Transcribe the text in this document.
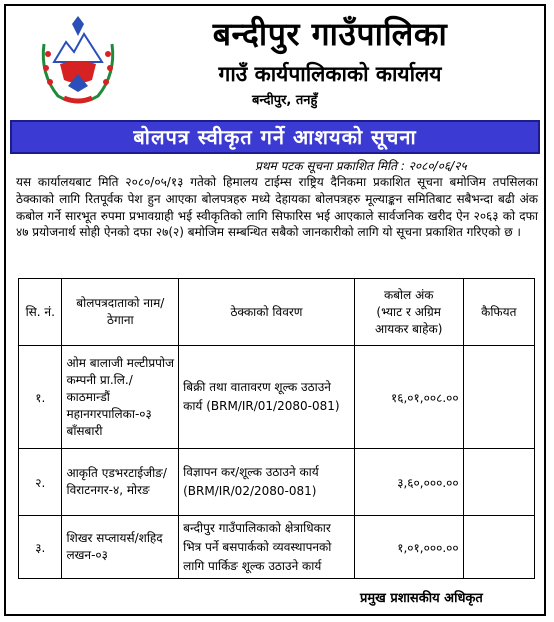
बन्दीपुर गाउँपालिका
गाउँ कार्यपालिकाको कार्यालय
बन्दीपुर, तनहुँ
बोलपत्र स्वीकृत गर्ने आशयको सूचना
प्रथम पटक सूचना प्रकाशित मिति : २०८०/०६/२५
यस कार्यालयबाट मिति २०८०/०५/१३ गतेको हिमालय टाईम्स राष्ट्रिय दैनिकमा प्रकाशित सूचना बमोजिम तपसिलका ठेक्काको लागि रितपूर्वक पेश हुन आएका बोलपत्रहरु मध्ये देहायका बोलपत्रहरु मूल्याङ्कन समितिबाट सबैभन्दा बढी अंक कबोल गर्ने सारभूत रुपमा प्रभावग्राही भई स्वीकृतिको लागि सिफारिस भई आएकाले सार्वजनिक खरीद ऐन २०६३ को दफा ४७ प्रयोजनार्थ सोही ऐनको दफा २७(२) बमोजिम सम्बन्धित सबैको जानकारीको लागि यो सूचना प्रकाशित गरिएको छ ।
सि. नं.	बोलपत्रदाताको नाम/ठेगाना	ठेक्काको विवरण	कबोल अंक
(भ्याट र अग्रिम आयकर बाहेक)	कैफियत
१.	ओम बालाजी मल्टीप्रपोज कम्पनी प्रा.लि./काठमान्डौं महानगरपालिका-०३ बाँसबारी	बिक्री तथा वातावरण शूल्क उठाउने कार्य (BRM/IR/01/2080-081)	१६,०१,००८.००	
२.	आकृति एडभरटाईजीङ/विराटनगर-४, मोरङ	विज्ञापन कर/शूल्क उठाउने कार्य (BRM/IR/02/2080-081)	३,६०,०००.००	
३.	शिखर सप्लायर्स/शहिद लखन-०३	बन्दीपुर गाउँपालिकाको क्षेत्राधिकार भित्र पर्ने बसपार्कको व्यवस्थापनको लागि पार्किङ शूल्क उठाउने कार्य	१,०१,०००.००	
प्रमुख प्रशासकीय अधिकृत
